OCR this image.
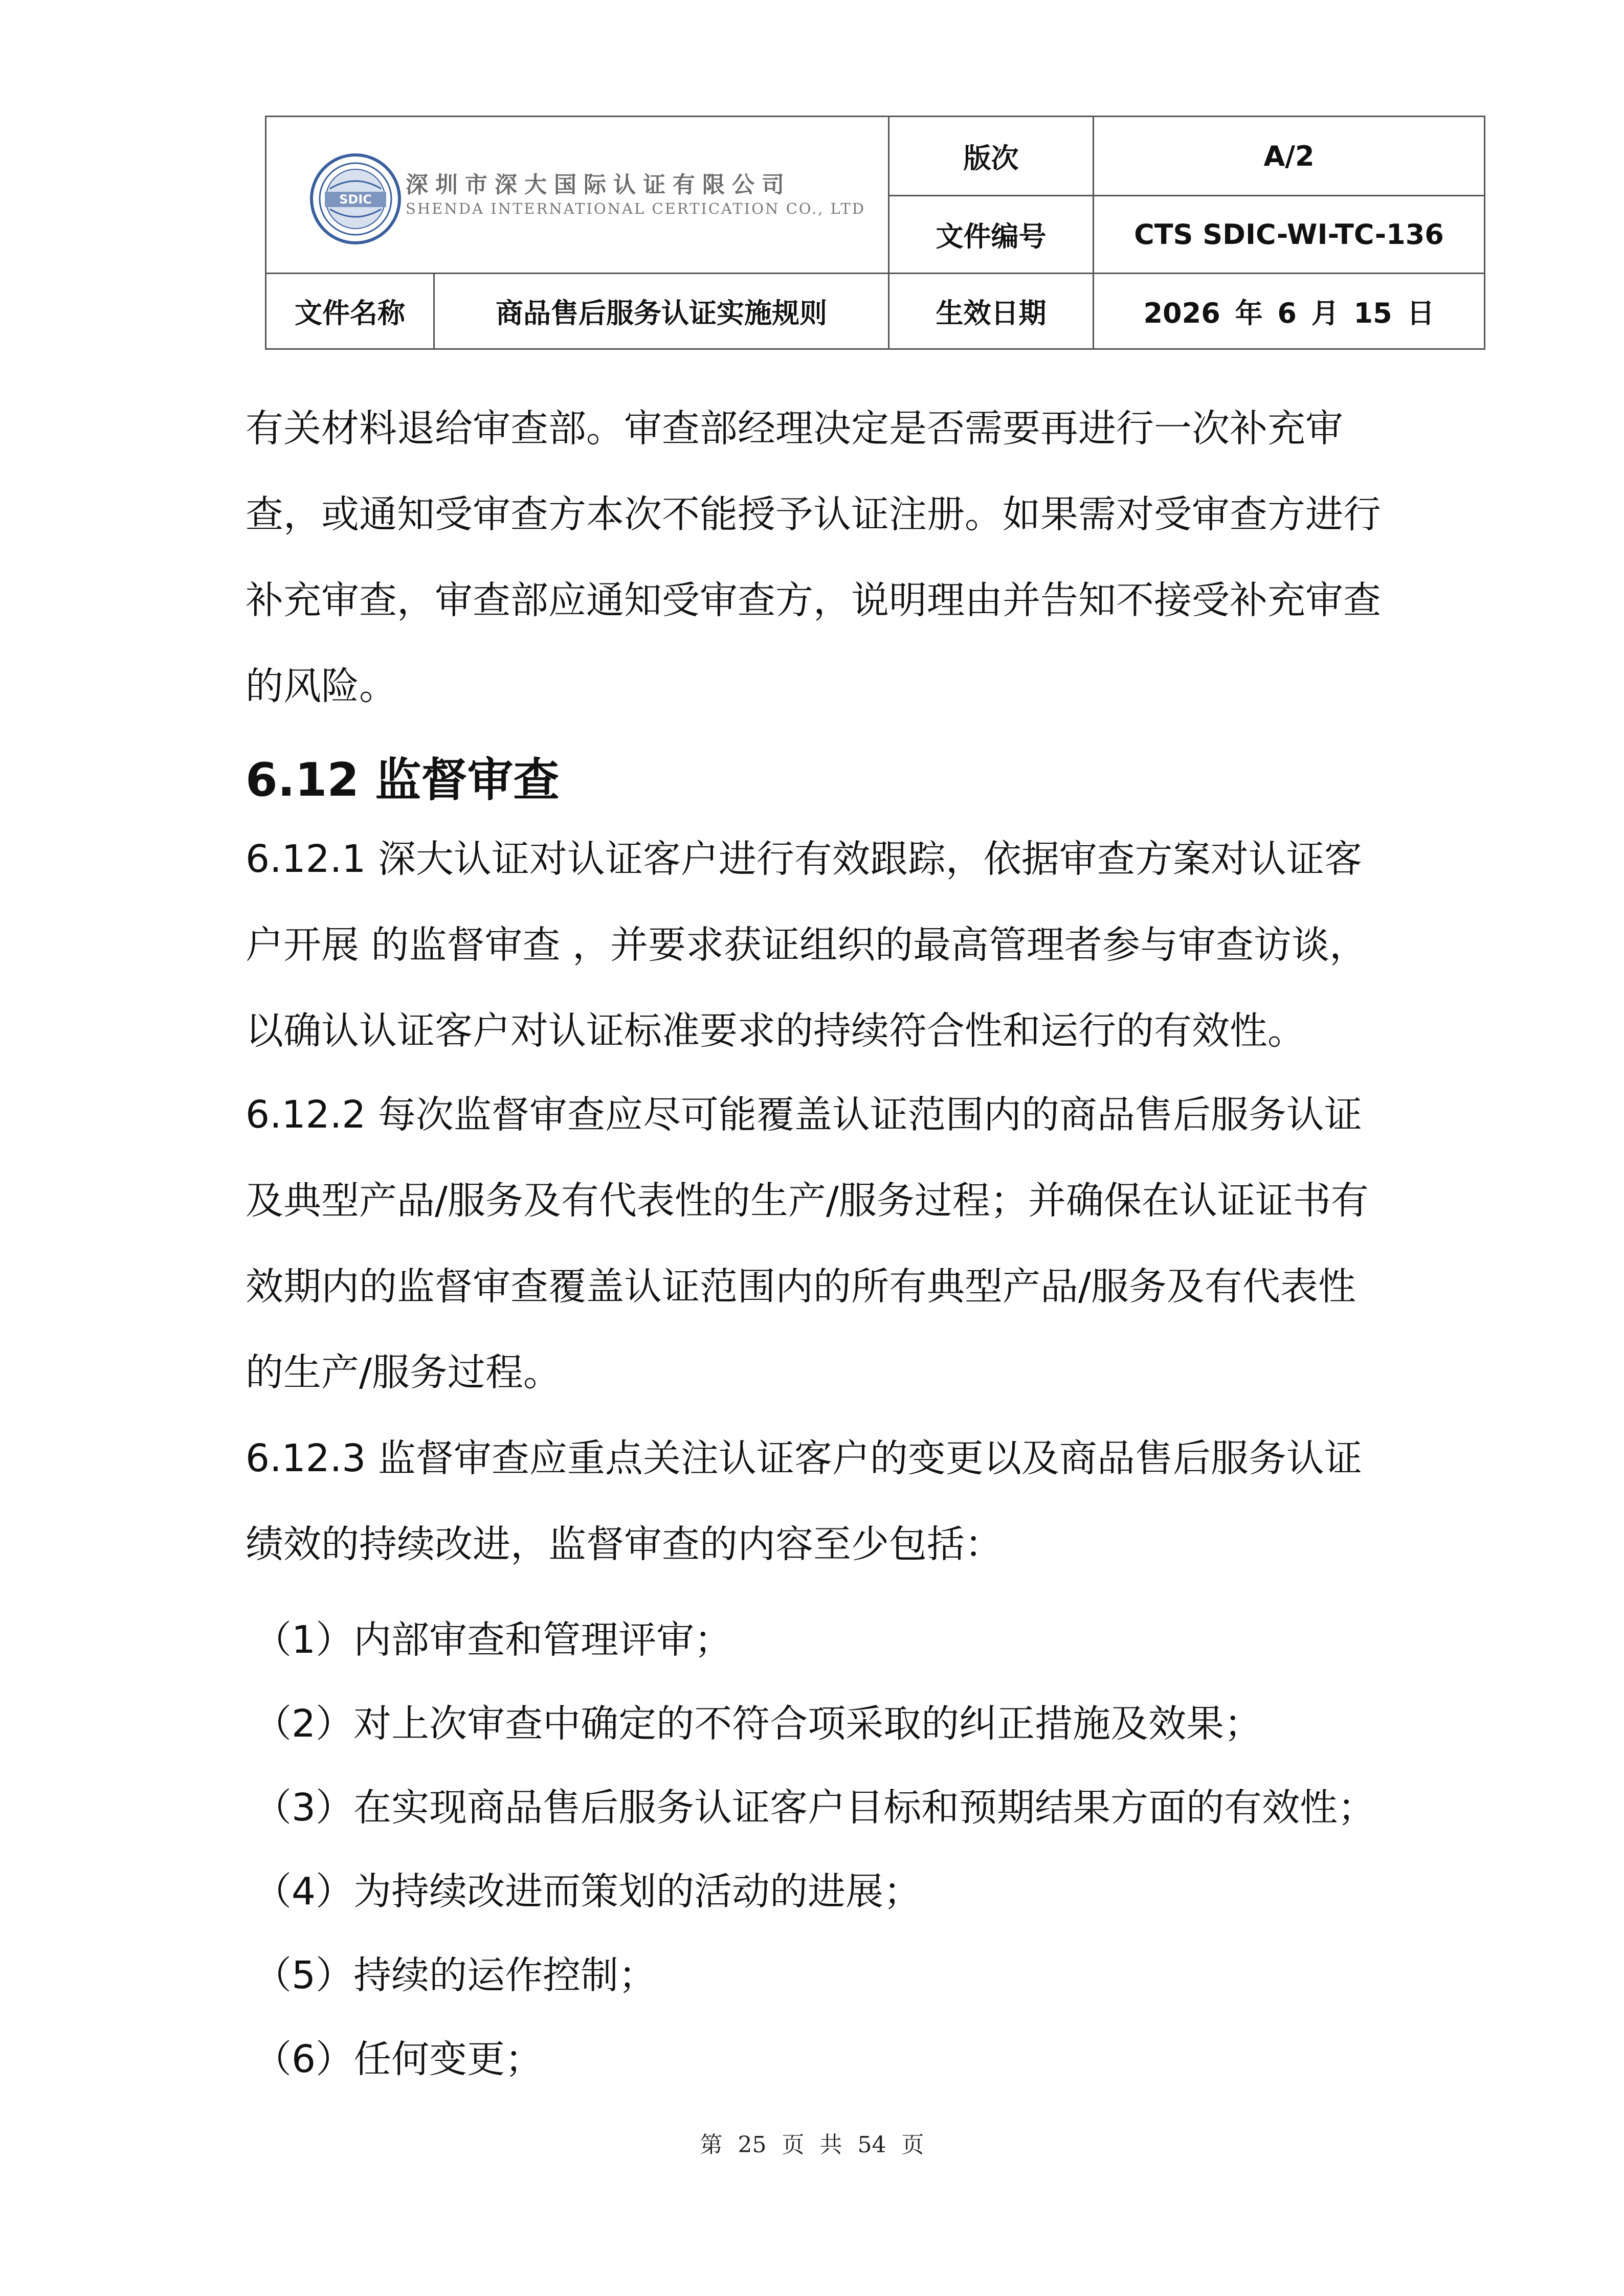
SDIC
深圳市深大国际认证有限公司
SHENDA INTERNATIONAL CERTICATION CO., LTD
版次	A/2
文件编号	CTS SDIC-WI-TC-136
文件名称	商品售后服务认证实施规则	生效日期	2026 年 6 月 15 日

有关材料退给审查部。审查部经理决定是否需要再进行一次补充审查，或通知受审查方本次不能授予认证注册。如果需对受审查方进行补充审查，审查部应通知受审查方，说明理由并告知不接受补充审查的风险。

6.12 监督审查

6.12.1 深大认证对认证客户进行有效跟踪，依据审查方案对认证客户开展 的监督审查 ，并要求获证组织的最高管理者参与审查访谈，以确认认证客户对认证标准要求的持续符合性和运行的有效性。

6.12.2 每次监督审查应尽可能覆盖认证范围内的商品售后服务认证及典型产品/服务及有代表性的生产/服务过程；并确保在认证证书有效期内的监督审查覆盖认证范围内的所有典型产品/服务及有代表性的生产/服务过程。

6.12.3 监督审查应重点关注认证客户的变更以及商品售后服务认证绩效的持续改进，监督审查的内容至少包括：

（1）内部审查和管理评审；
（2）对上次审查中确定的不符合项采取的纠正措施及效果；
（3）在实现商品售后服务认证客户目标和预期结果方面的有效性；
（4）为持续改进而策划的活动的进展；
（5）持续的运作控制；
（6）任何变更；
第 25 页 共 54 页
